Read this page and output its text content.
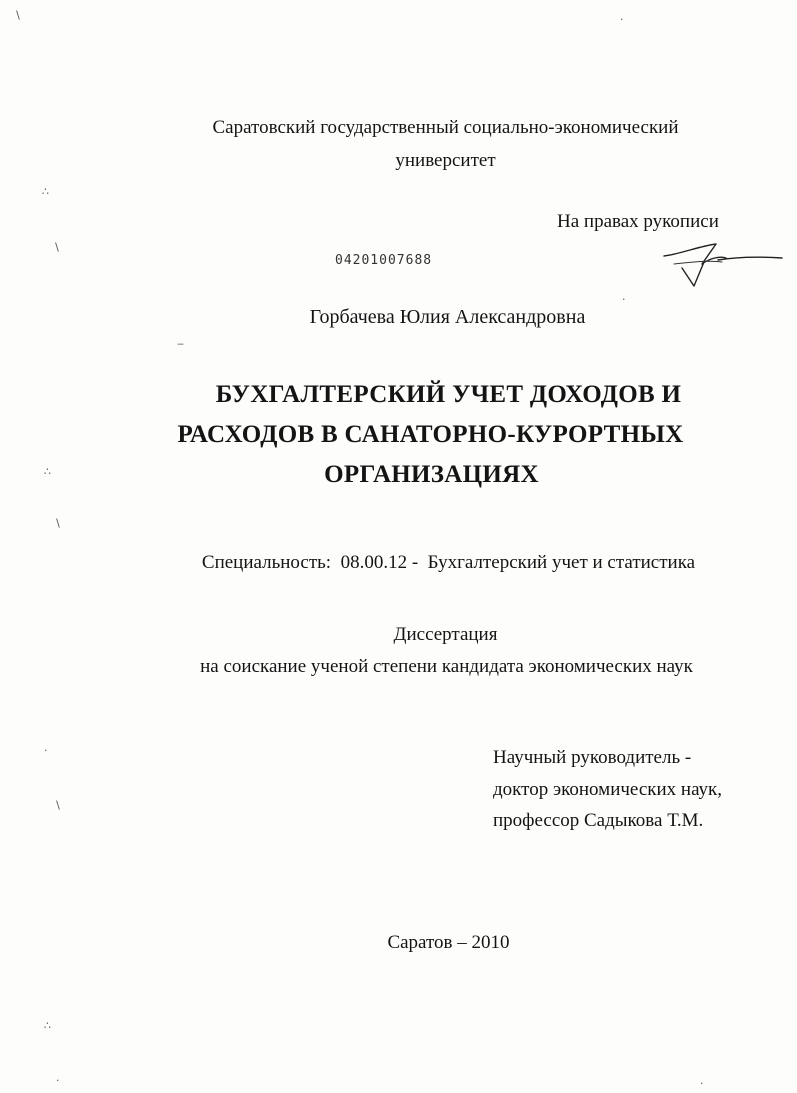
∖	·
∴
∖
·
‒
∴
∖
·
∖
∴
·	·
Саратовский государственный социально-экономический
университет
На правах рукописи
04201007688
Горбачева Юлия Александровна
БУХГАЛТЕРСКИЙ УЧЕТ ДОХОДОВ И
РАСХОДОВ В САНАТОРНО-КУРОРТНЫХ
ОРГАНИЗАЦИЯХ
Специальность:  08.00.12 -  Бухгалтерский учет и статистика
Диссертация
на соискание ученой степени кандидата экономических наук
Научный руководитель -
доктор экономических наук,
профессор Садыкова Т.М.
Саратов – 2010
